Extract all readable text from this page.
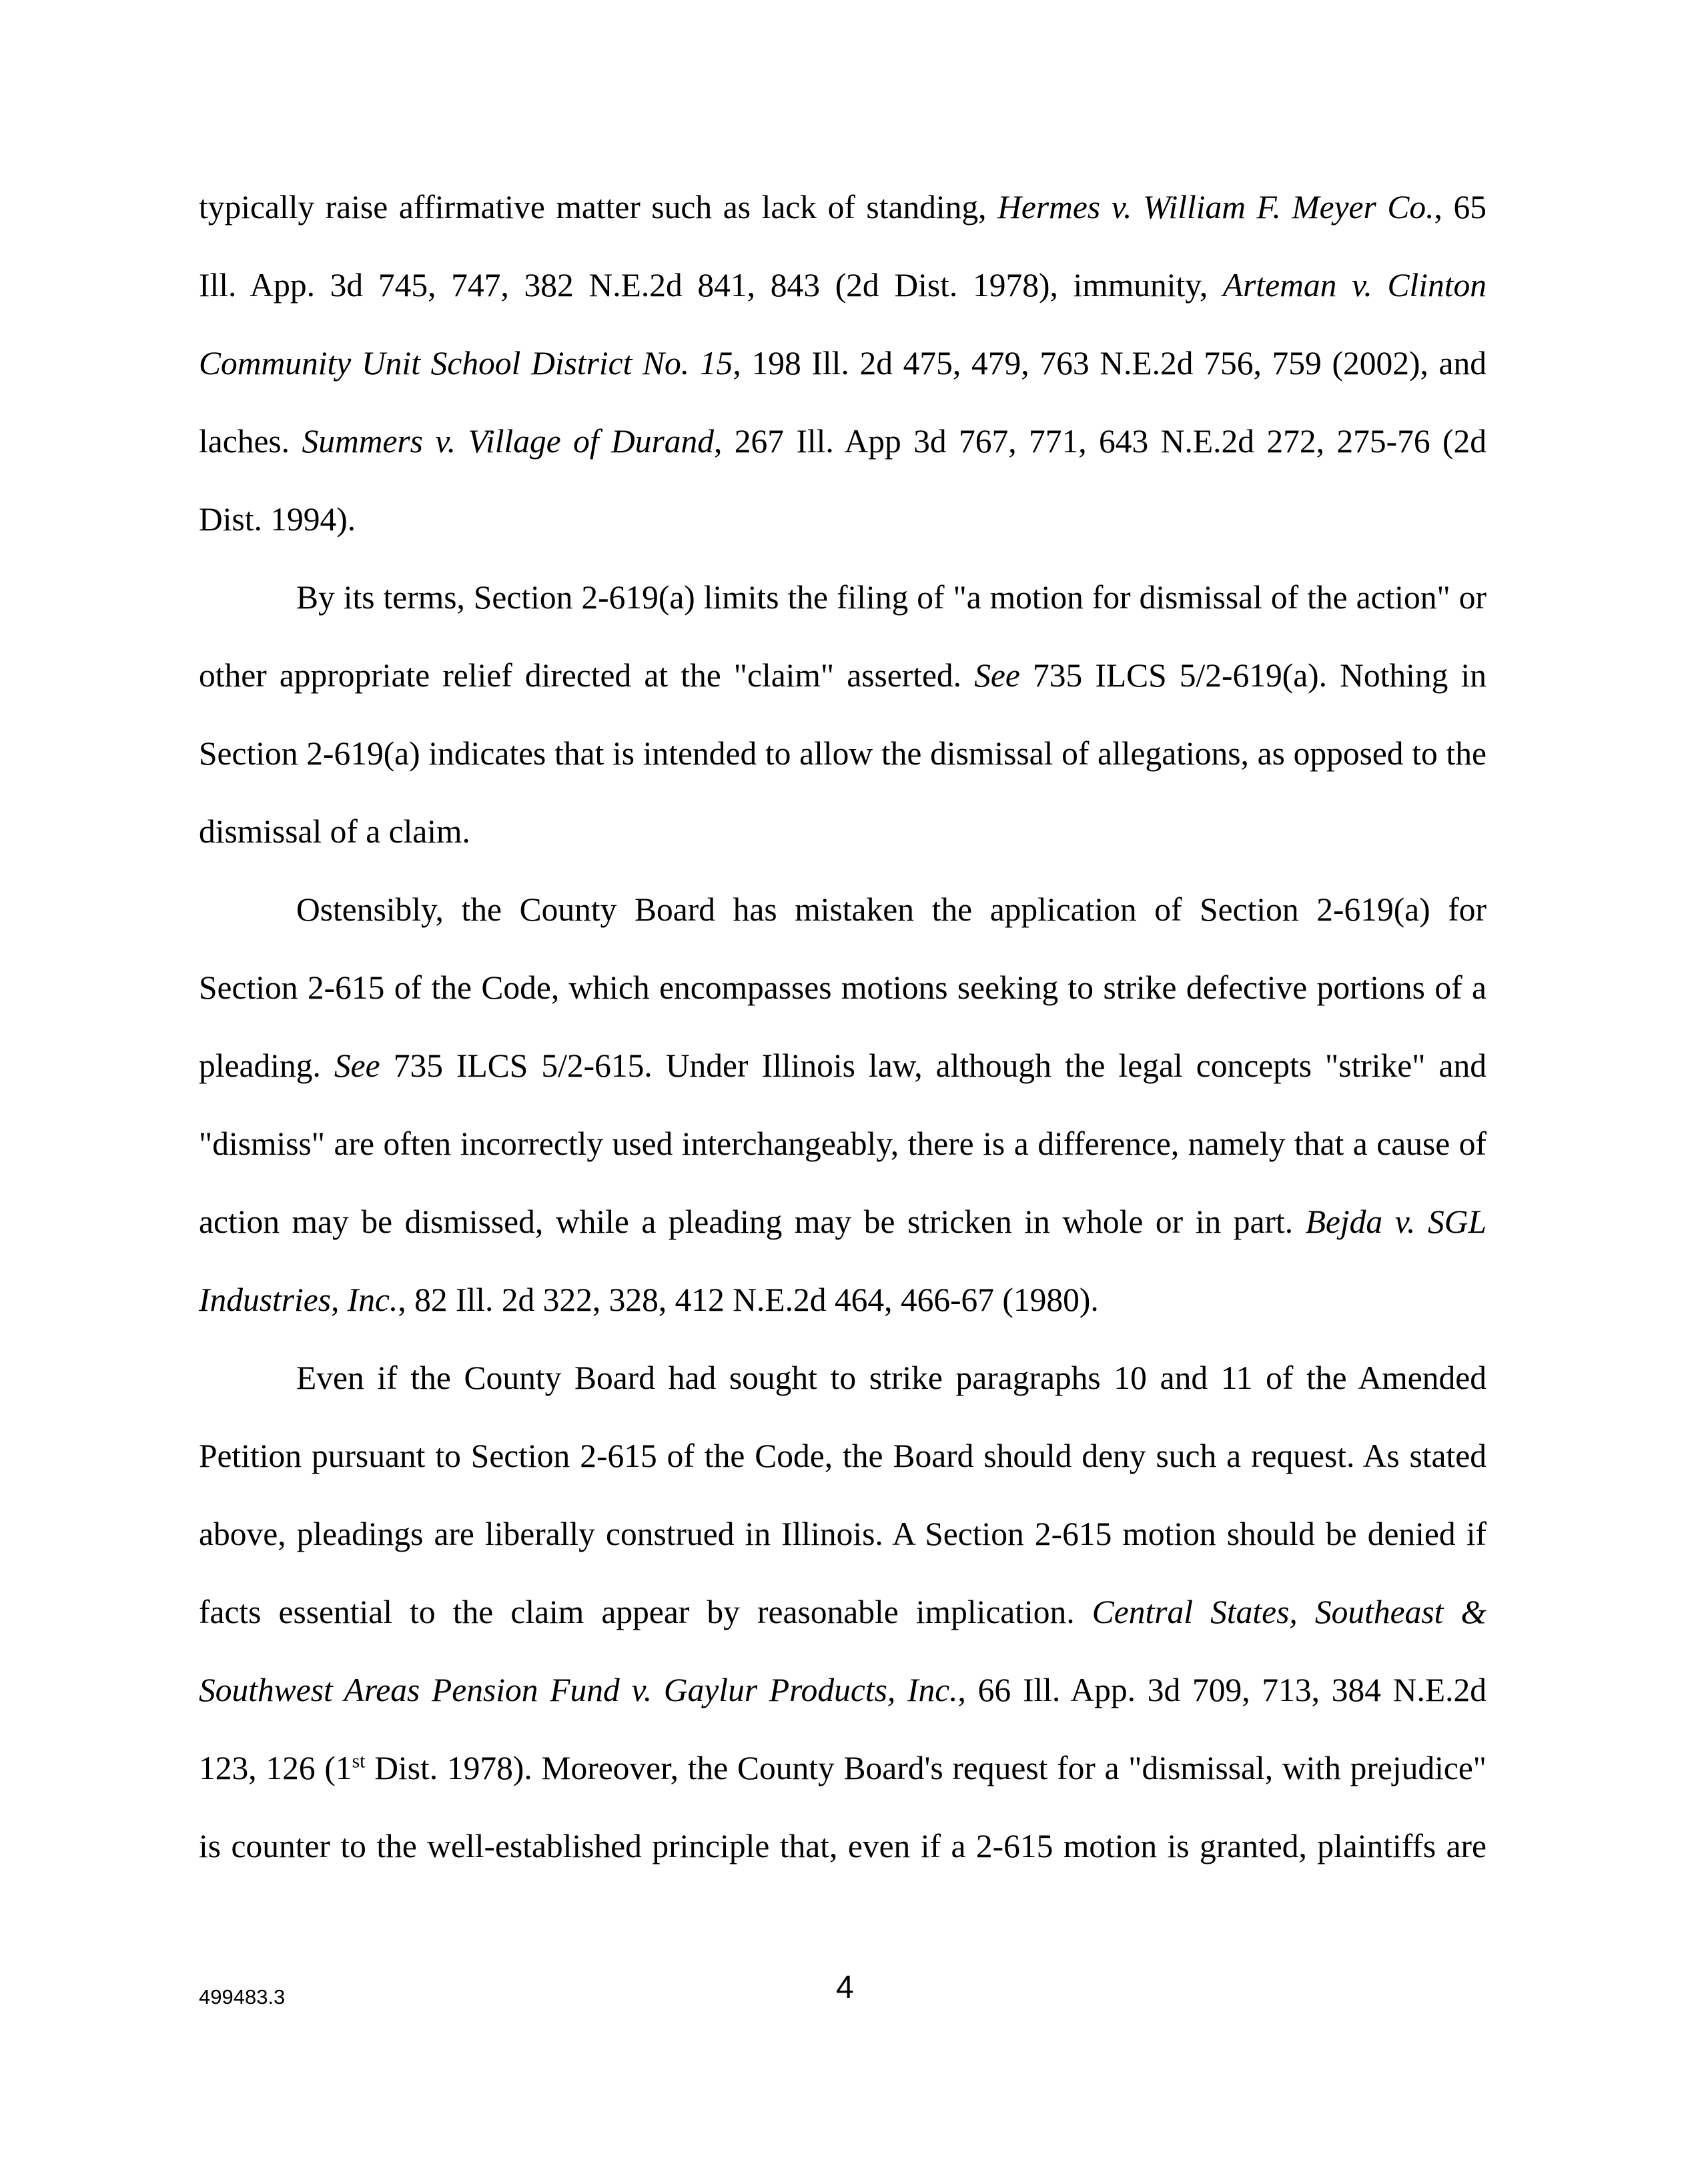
typically raise affirmative matter such as lack of standing, Hermes v. William F. Meyer Co., 65 Ill. App. 3d 745, 747, 382 N.E.2d 841, 843 (2d Dist. 1978), immunity, Arteman v. Clinton Community Unit School District No. 15, 198 Ill. 2d 475, 479, 763 N.E.2d 756, 759 (2002), and laches. Summers v. Village of Durand, 267 Ill. App 3d 767, 771, 643 N.E.2d 272, 275-76 (2d Dist. 1994).

By its terms, Section 2-619(a) limits the filing of "a motion for dismissal of the action" or other appropriate relief directed at the "claim" asserted. See 735 ILCS 5/2-619(a). Nothing in Section 2-619(a) indicates that is intended to allow the dismissal of allegations, as opposed to the dismissal of a claim.

Ostensibly, the County Board has mistaken the application of Section 2-619(a) for Section 2-615 of the Code, which encompasses motions seeking to strike defective portions of a pleading. See 735 ILCS 5/2-615. Under Illinois law, although the legal concepts "strike" and "dismiss" are often incorrectly used interchangeably, there is a difference, namely that a cause of action may be dismissed, while a pleading may be stricken in whole or in part. Bejda v. SGL Industries, Inc., 82 Ill. 2d 322, 328, 412 N.E.2d 464, 466-67 (1980).

Even if the County Board had sought to strike paragraphs 10 and 11 of the Amended Petition pursuant to Section 2-615 of the Code, the Board should deny such a request. As stated above, pleadings are liberally construed in Illinois. A Section 2-615 motion should be denied if facts essential to the claim appear by reasonable implication. Central States, Southeast & Southwest Areas Pension Fund v. Gaylur Products, Inc., 66 Ill. App. 3d 709, 713, 384 N.E.2d 123, 126 (1st Dist. 1978). Moreover, the County Board's request for a "dismissal, with prejudice" is counter to the well-established principle that, even if a 2-615 motion is granted, plaintiffs are

499483.3	4
